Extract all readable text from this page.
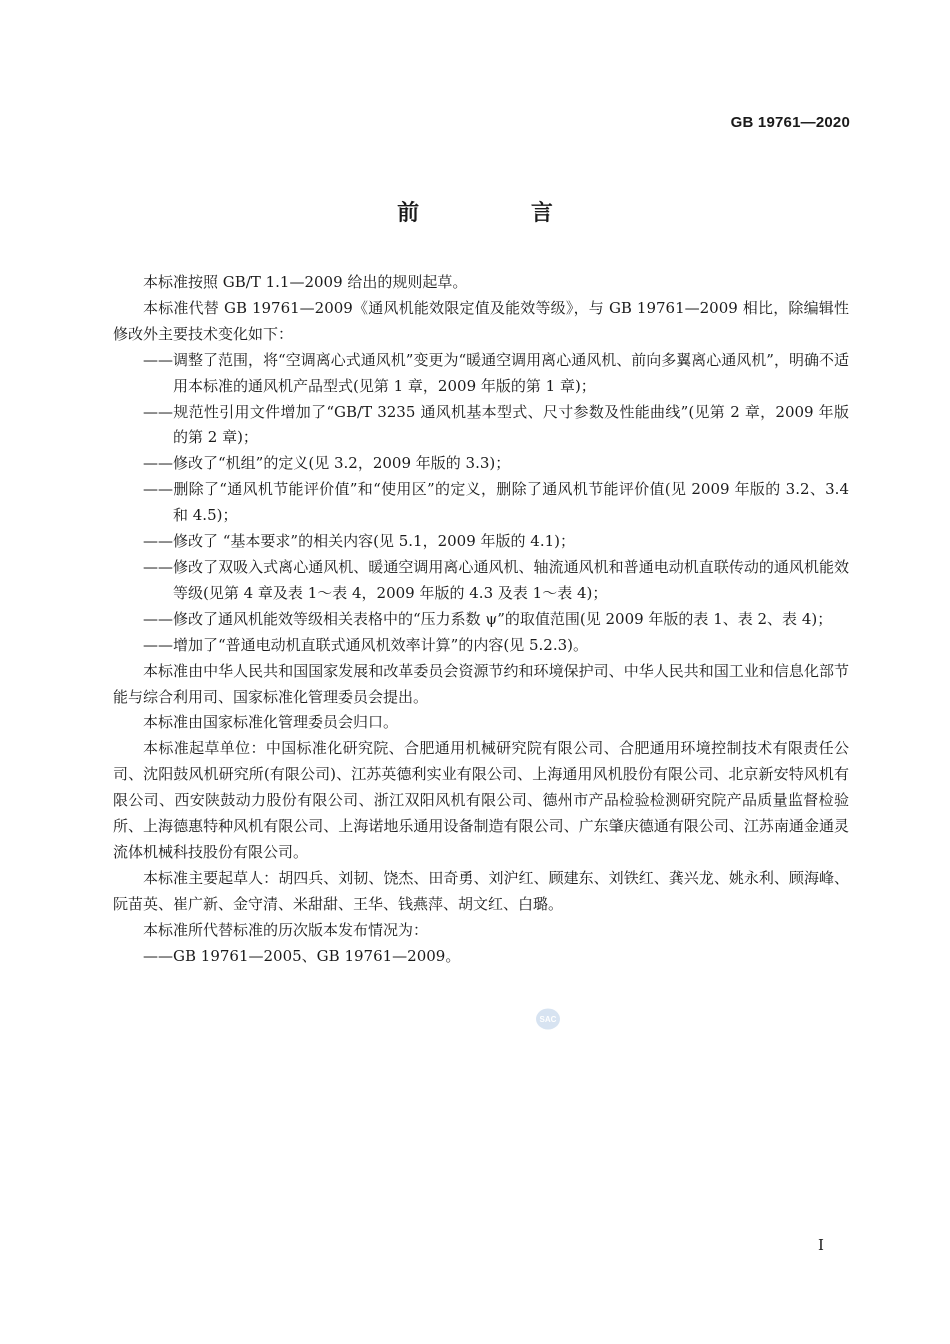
GB 19761—2020
前 言

本标准按照 GB/T 1.1—2009 给出的规则起草。

本标准代替 GB 19761—2009《通风机能效限定值及能效等级》，与 GB 19761—2009 相比，除编辑性修改外主要技术变化如下：

——调整了范围，将“空调离心式通风机”变更为“暖通空调用离心通风机、前向多翼离心通风机”，明确不适用本标准的通风机产品型式(见第 1 章，2009 年版的第 1 章)；

——规范性引用文件增加了“GB/T 3235 通风机基本型式、尺寸参数及性能曲线”(见第 2 章，2009 年版的第 2 章)；

——修改了“机组”的定义(见 3.2，2009 年版的 3.3)；

——删除了“通风机节能评价值”和“使用区”的定义，删除了通风机节能评价值(见 2009 年版的 3.2、3.4 和 4.5)；

——修改了 “基本要求”的相关内容(见 5.1，2009 年版的 4.1)；

——修改了双吸入式离心通风机、暖通空调用离心通风机、轴流通风机和普通电动机直联传动的通风机能效等级(见第 4 章及表 1～表 4，2009 年版的 4.3 及表 1～表 4)；

——修改了通风机能效等级相关表格中的“压力系数 ψ”的取值范围(见 2009 年版的表 1、表 2、表 4)；

——增加了“普通电动机直联式通风机效率计算”的内容(见 5.2.3)。

本标准由中华人民共和国国家发展和改革委员会资源节约和环境保护司、中华人民共和国工业和信息化部节能与综合利用司、国家标准化管理委员会提出。

本标准由国家标准化管理委员会归口。

本标准起草单位：中国标准化研究院、合肥通用机械研究院有限公司、合肥通用环境控制技术有限责任公司、沈阳鼓风机研究所(有限公司)、江苏英德利实业有限公司、上海通用风机股份有限公司、北京新安特风机有限公司、西安陕鼓动力股份有限公司、浙江双阳风机有限公司、德州市产品检验检测研究院产品质量监督检验所、上海德惠特种风机有限公司、上海诺地乐通用设备制造有限公司、广东肇庆德通有限公司、江苏南通金通灵流体机械科技股份有限公司。

本标准主要起草人：胡四兵、刘韧、饶杰、田奇勇、刘沪红、顾建东、刘铁红、龚兴龙、姚永利、顾海峰、阮苗英、崔广新、金守清、米甜甜、王华、钱燕萍、胡文红、白璐。

本标准所代替标准的历次版本发布情况为：

——GB 19761—2005、GB 19761—2009。

SAC
I
